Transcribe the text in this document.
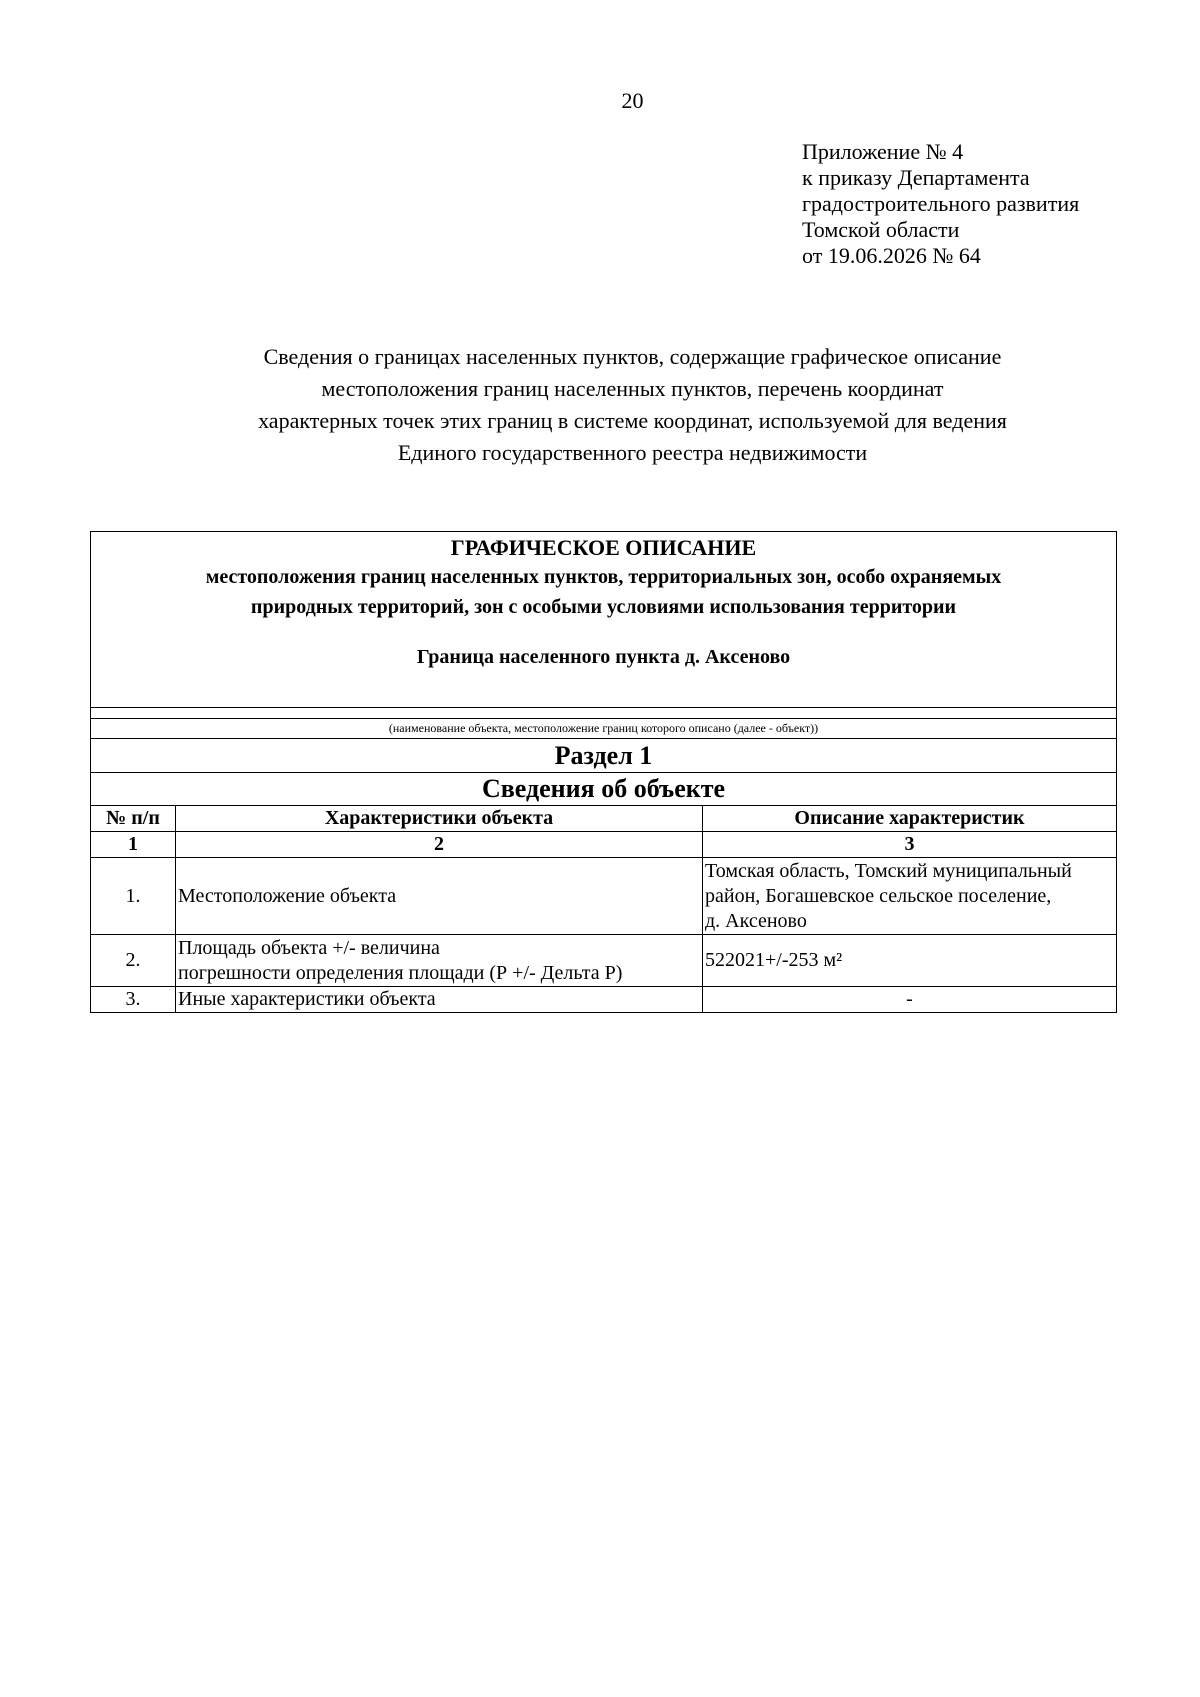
20
Приложение № 4
к приказу Департамента
градостроительного развития
Томской области
от 19.06.2026 № 64
Сведения о границах населенных пунктов, содержащие графическое описание
местоположения границ населенных пунктов, перечень координат
характерных точек этих границ в системе координат, используемой для ведения
Единого государственного реестра недвижимости
ГРАФИЧЕСКОЕ ОПИСАНИЕ
местоположения границ населенных пунктов, территориальных зон, особо охраняемых
природных территорий, зон с особыми условиями использования территории
Граница населенного пункта д. Аксеново
(наименование объекта, местоположение границ которого описано (далее - объект))
Раздел 1
Сведения об объекте
№ п/п	Характеристики объекта	Описание характеристик
1	2	3
1.	Местоположение объекта	Томская область, Томский муниципальный
район, Богашевское сельское поселение,
д. Аксеново

2.	Площадь объекта +/- величина
погрешности определения площади (Р +/- Дельта Р)	522021+/-253 м²

3.	Иные характеристики объекта	-
